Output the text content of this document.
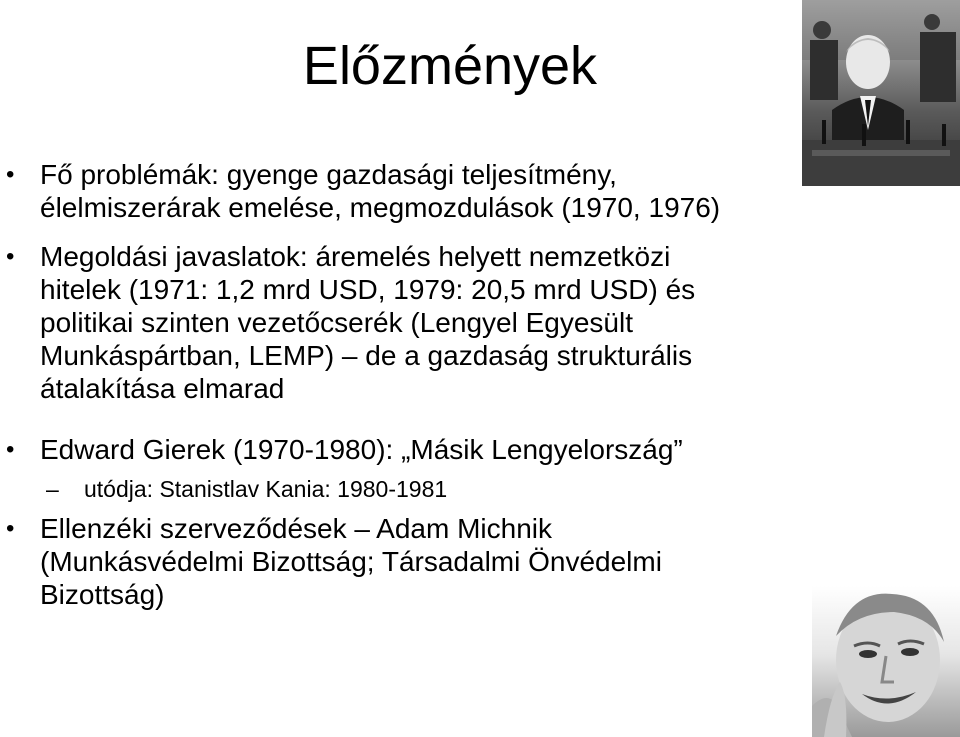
Előzmények
• Fő problémák: gyenge gazdasági teljesítmény,
élelmiszerárak emelése, megmozdulások (1970, 1976)
• Megoldási javaslatok: áremelés helyett nemzetközi
hitelek (1971: 1,2 mrd USD, 1979: 20,5 mrd USD) és
politikai szinten vezetőcserék (Lengyel Egyesült
Munkáspártban, LEMP) – de a gazdaság strukturális
átalakítása elmarad
• Edward Gierek (1970-1980): „Másik Lengyelország”
– utódja: Stanistlav Kania: 1980-1981
• Ellenzéki szerveződések – Adam Michnik
(Munkásvédelmi Bizottság; Társadalmi Önvédelmi
Bizottság)
